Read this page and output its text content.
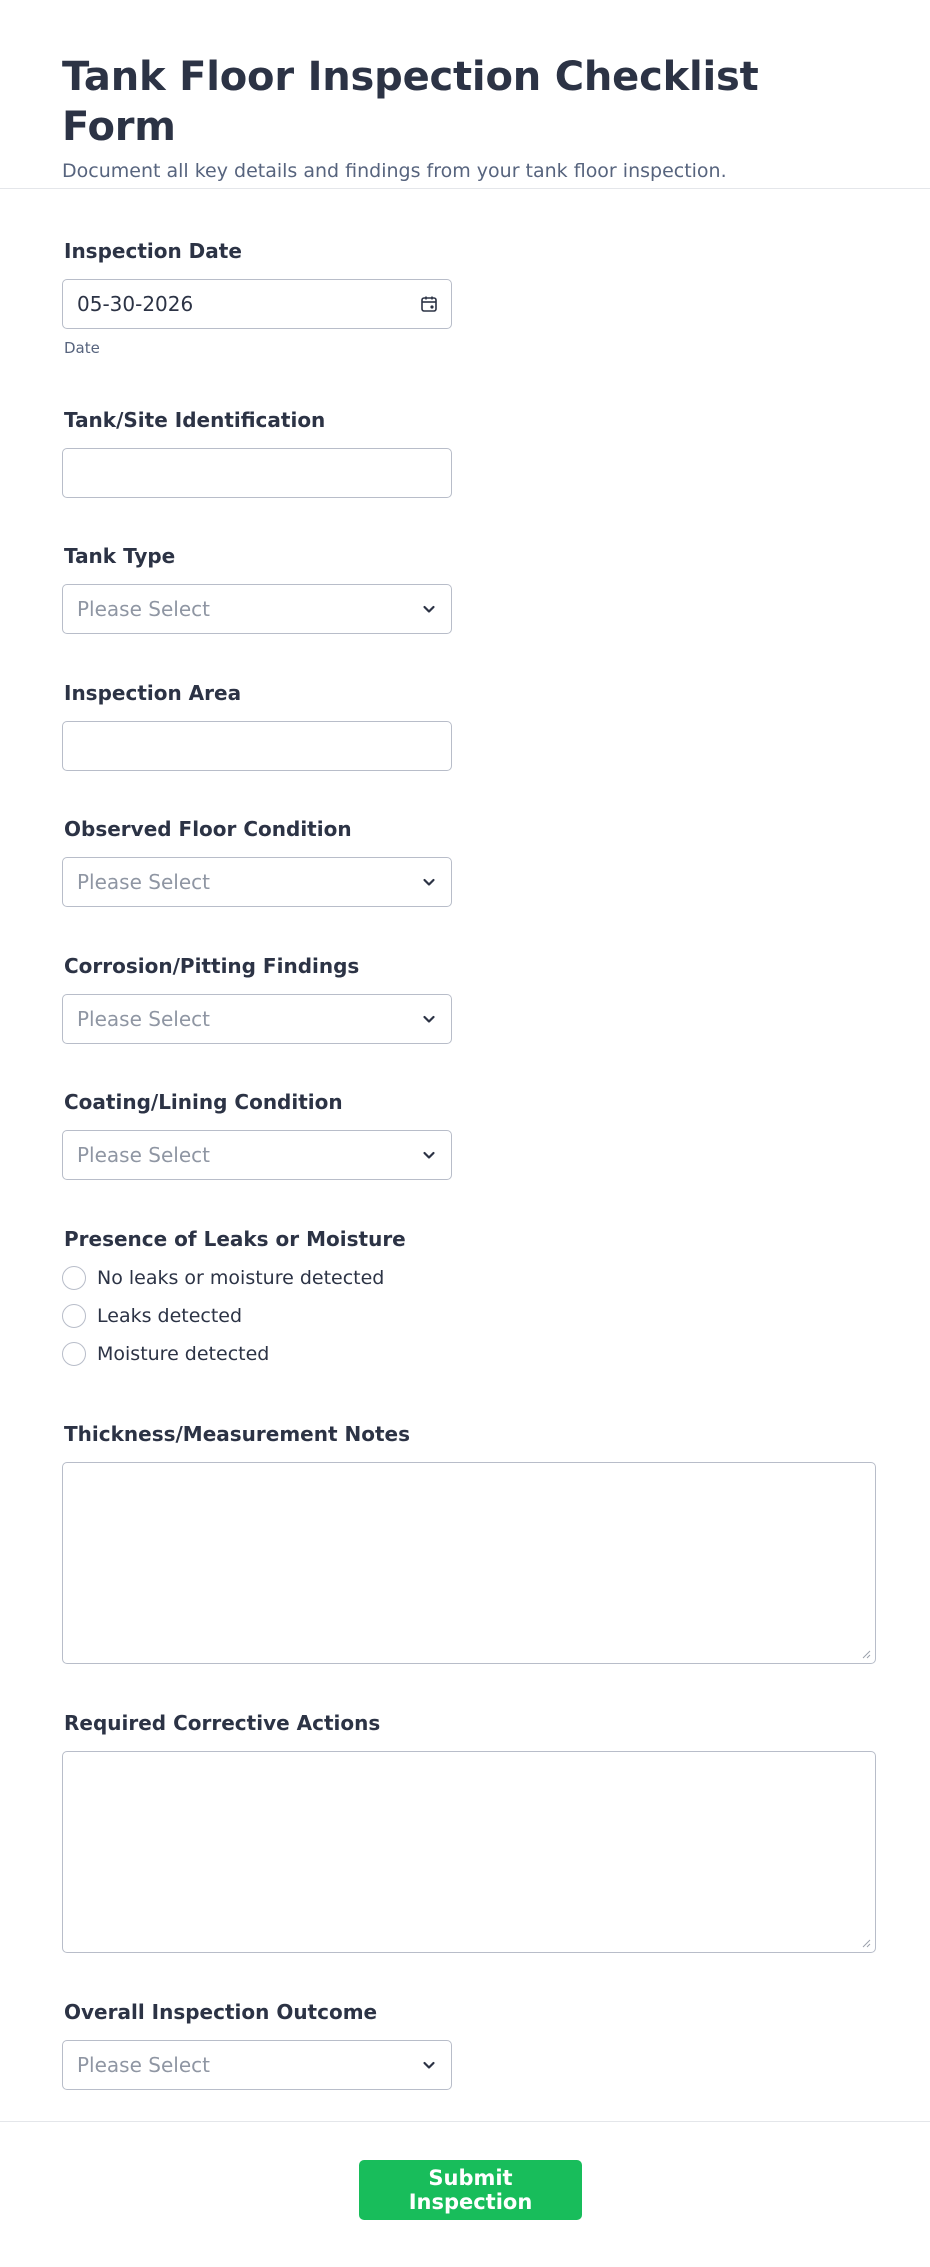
Tank Floor Inspection Checklist Form

Document all key details and findings from your tank floor inspection.

Inspection Date
05-30-2026
Date
Tank/Site Identification
Tank Type
Please Select
Inspection Area
Observed Floor Condition
Please Select
Corrosion/Pitting Findings
Please Select
Coating/Lining Condition
Please Select
Presence of Leaks or Moisture
No leaks or moisture detected
Leaks detected
Moisture detected
Thickness/Measurement Notes
Required Corrective Actions
Overall Inspection Outcome
Please Select
Submit Inspection
